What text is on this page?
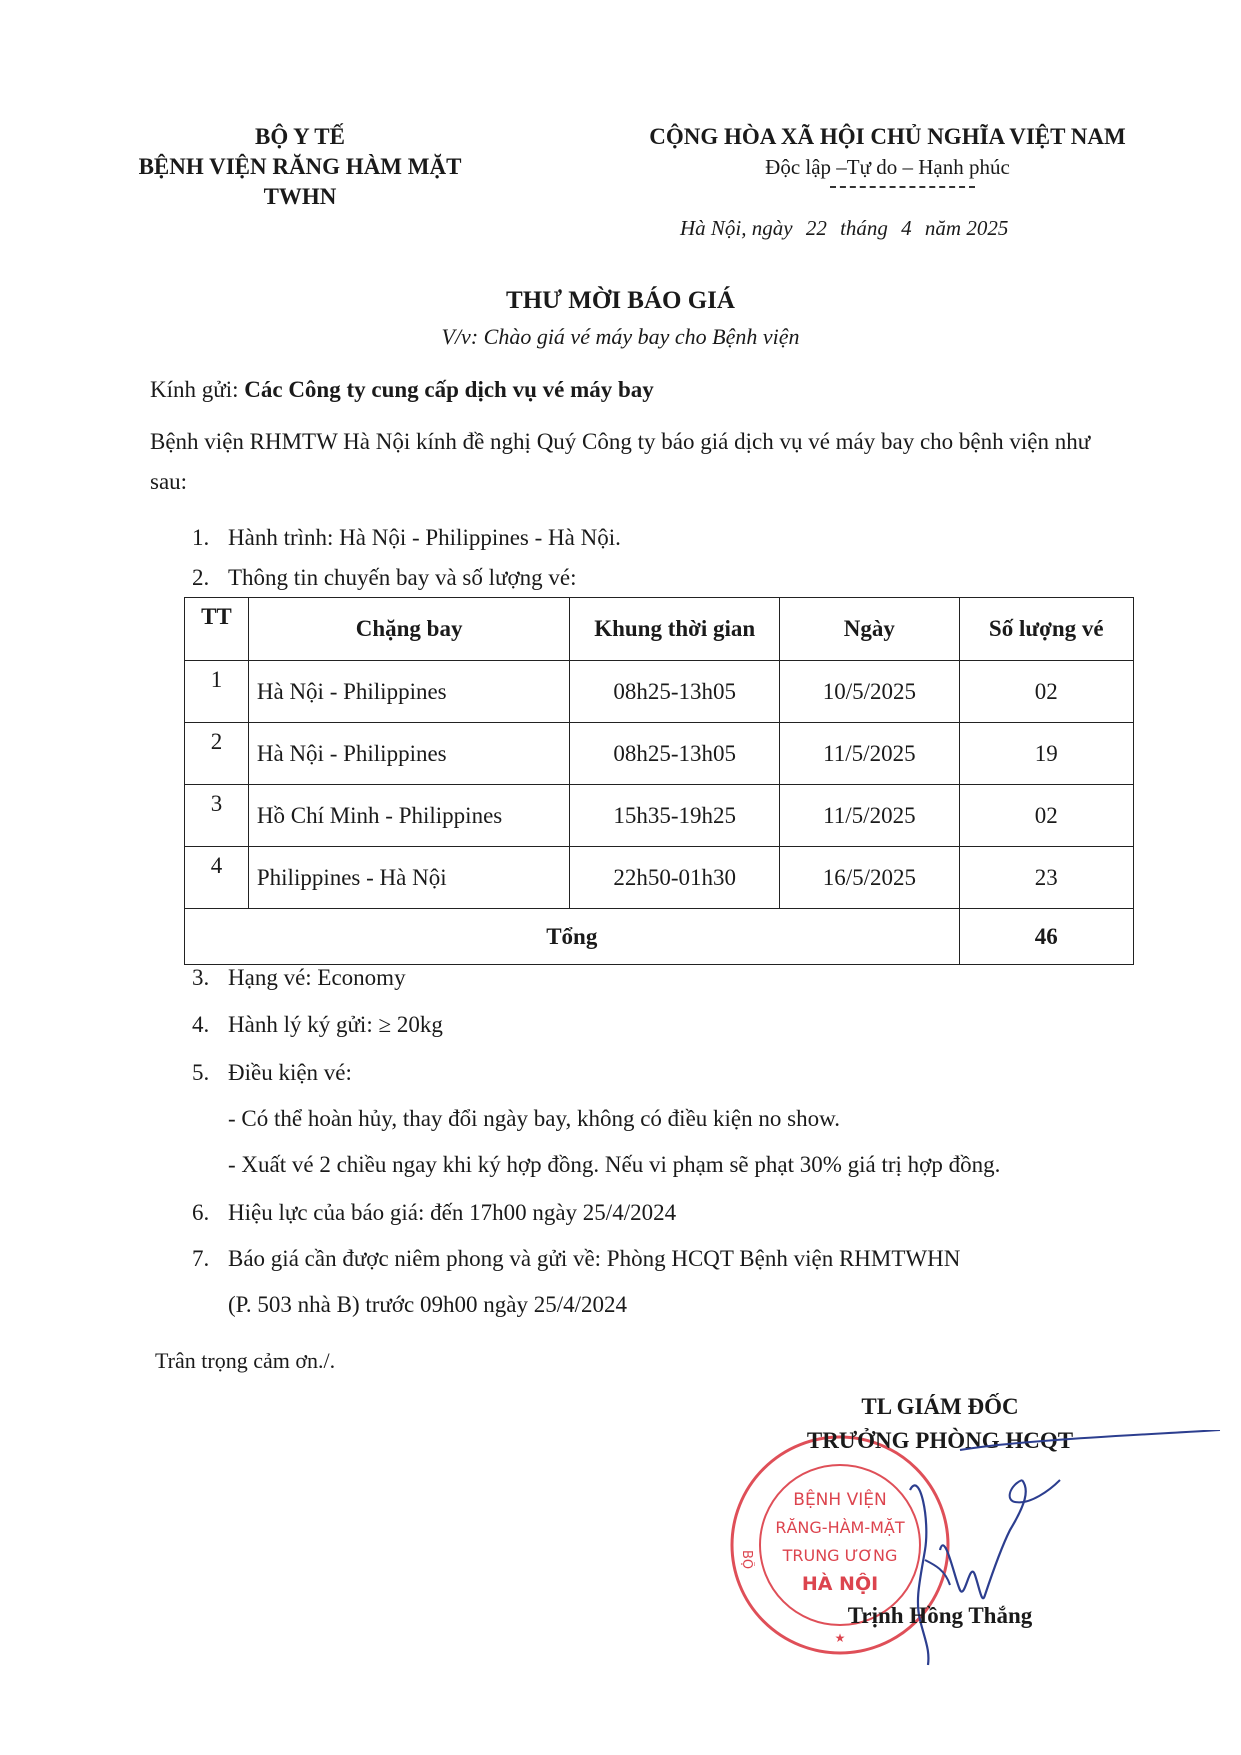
BỘ Y TẾ
BỆNH VIỆN RĂNG HÀM MẶT TWHN
CỘNG HÒA XÃ HỘI CHỦ NGHĨA VIỆT NAM
Độc lập –Tự do – Hạnh phúc
Hà Nội, ngày 22 tháng 4 năm 2025
THƯ MỜI BÁO GIÁ
V/v: Chào giá vé máy bay cho Bệnh viện
Kính gửi: Các Công ty cung cấp dịch vụ vé máy bay
Bệnh viện RHMTW Hà Nội kính đề nghị Quý Công ty báo giá dịch vụ vé máy bay cho bệnh viện như sau:
1. Hành trình: Hà Nội - Philippines - Hà Nội.
2. Thông tin chuyến bay và số lượng vé:
TT	Chặng bay	Khung thời gian	Ngày	Số lượng vé
1	Hà Nội - Philippines	08h25-13h05	10/5/2025	02
2	Hà Nội - Philippines	08h25-13h05	11/5/2025	19
3	Hồ Chí Minh - Philippines	15h35-19h25	11/5/2025	02
4	Philippines - Hà Nội	22h50-01h30	16/5/2025	23
Tổng				46
3. Hạng vé: Economy
4. Hành lý ký gửi: ≥ 20kg
5. Điều kiện vé:
- Có thể hoàn hủy, thay đổi ngày bay, không có điều kiện no show.
- Xuất vé 2 chiều ngay khi ký hợp đồng. Nếu vi phạm sẽ phạt 30% giá trị hợp đồng.
6. Hiệu lực của báo giá: đến 17h00 ngày 25/4/2024
7. Báo giá cần được niêm phong và gửi về: Phòng HCQT Bệnh viện RHMTWHN
(P. 503 nhà B) trước 09h00 ngày 25/4/2024
Trân trọng cảm ơn./.
BỘ
BỆNH VIỆN
RĂNG-HÀM-MẶT
TRUNG ƯƠNG
HÀ NỘI
★
TL GIÁM ĐỐC
TRƯỞNG PHÒNG HCQT
Trịnh Hồng Thắng
